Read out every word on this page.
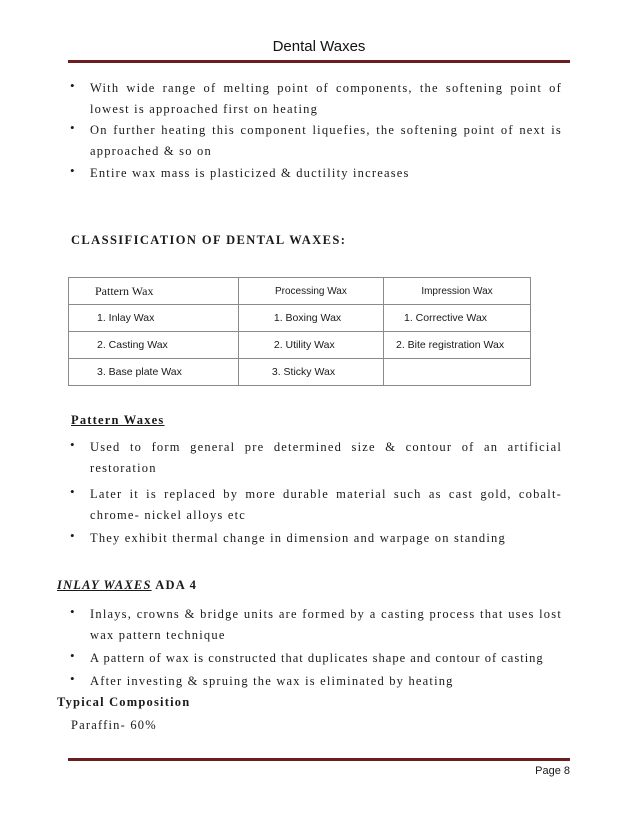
Dental Waxes
• With wide range of melting point of components, the softening point of lowest is approached first on heating
• On further heating this component liquefies, the softening point of next is approached & so on
• Entire wax mass is plasticized & ductility increases
CLASSIFICATION OF DENTAL WAXES:
Pattern Wax	Processing Wax	Impression Wax
1. Inlay Wax	1. Boxing Wax	1. Corrective Wax
2. Casting Wax	2. Utility Wax	2. Bite registration Wax
3. Base plate Wax	3. Sticky Wax	
Pattern Waxes
• Used to form general pre determined size & contour of an artificial restoration
• Later it is replaced by more durable material such as cast gold, cobalt-chrome- nickel alloys etc
• They exhibit thermal change in dimension and warpage on standing
INLAY WAXES ADA 4
• Inlays, crowns & bridge units are formed by a casting process that uses lost wax pattern technique
• A pattern of wax is constructed that duplicates shape and contour of casting
• After investing & spruing the wax is eliminated by heating
Typical Composition
Paraffin- 60%
Page 8
